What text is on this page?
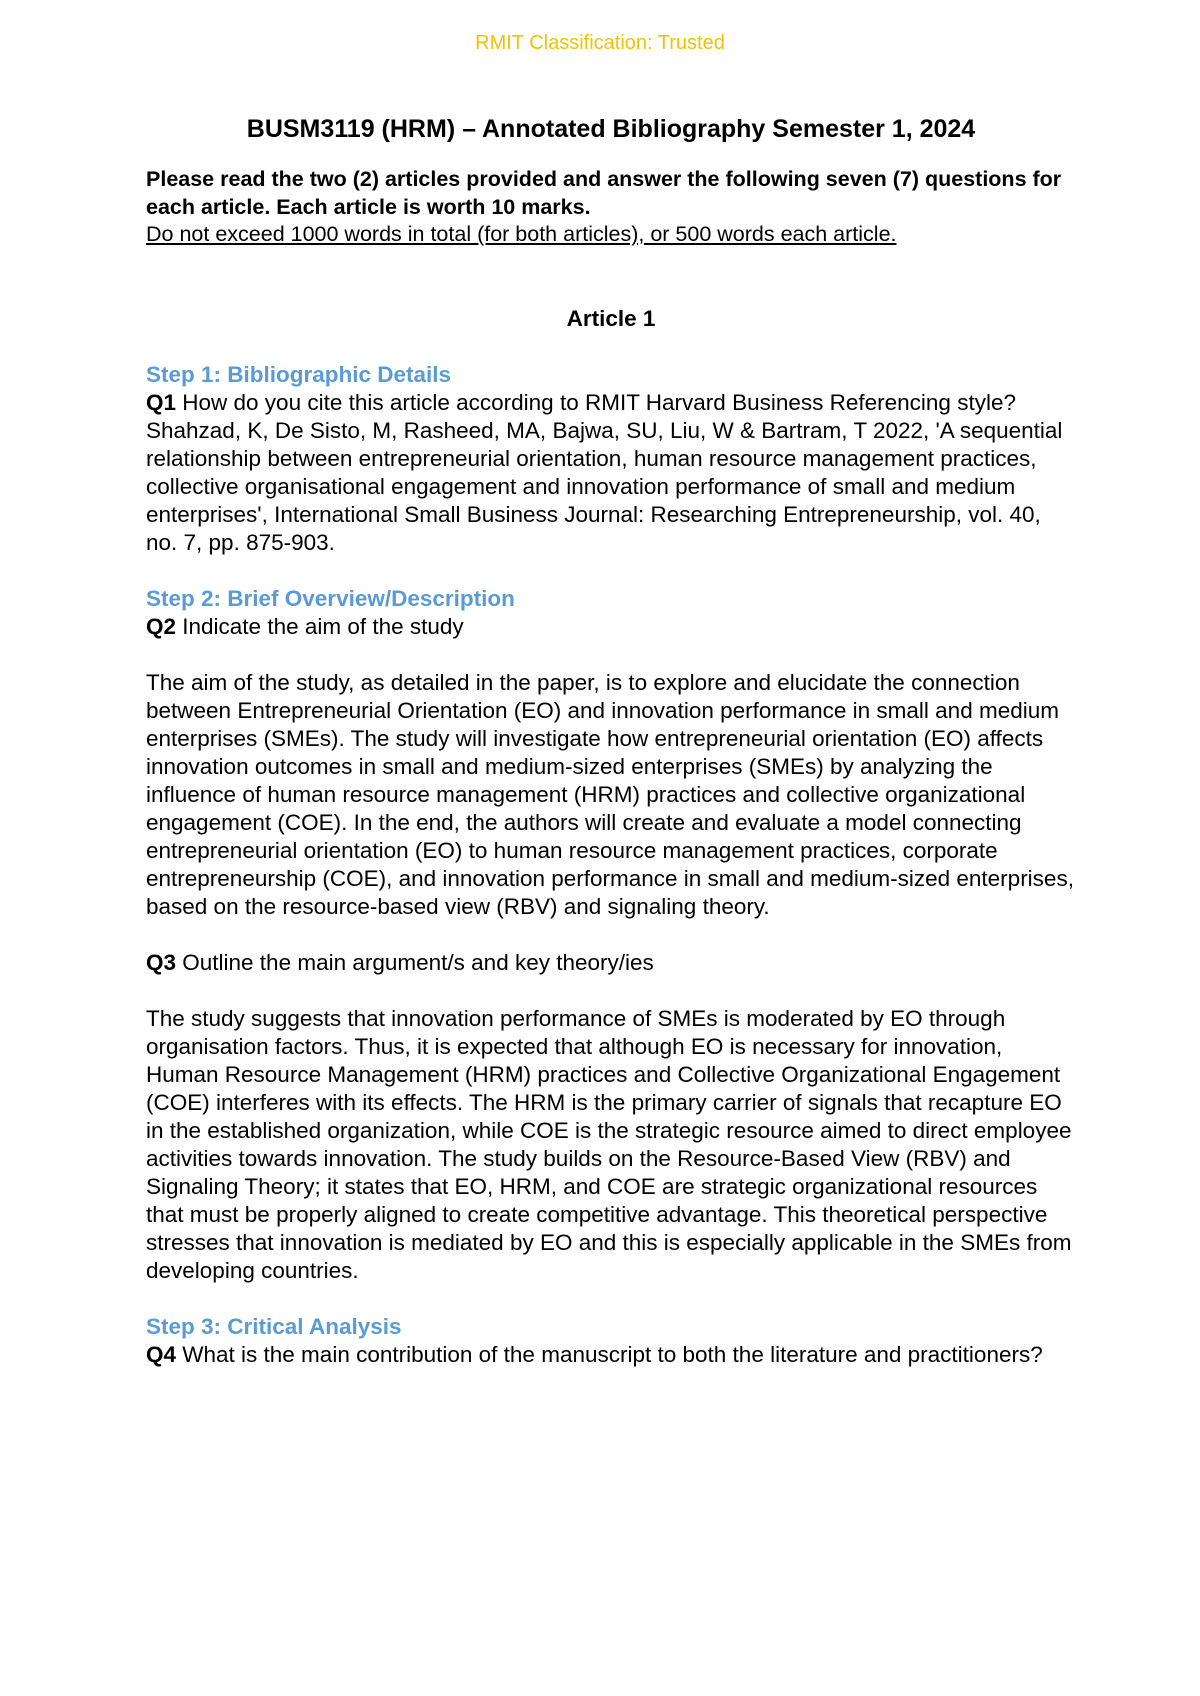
RMIT Classification: Trusted
BUSM3119 (HRM) – Annotated Bibliography Semester 1, 2024

Please read the two (2) articles provided and answer the following seven (7) questions for each article. Each article is worth 10 marks.

Do not exceed 1000 words in total (for both articles), or 500 words each article.

Article 1

Step 1: Bibliographic Details

Q1 How do you cite this article according to RMIT Harvard Business Referencing style?

Shahzad, K, De Sisto, M, Rasheed, MA, Bajwa, SU, Liu, W & Bartram, T 2022, 'A sequential relationship between entrepreneurial orientation, human resource management practices, collective organisational engagement and innovation performance of small and medium enterprises', International Small Business Journal: Researching Entrepreneurship, vol. 40, no. 7, pp. 875-903.

Step 2: Brief Overview/Description

Q2 Indicate the aim of the study

The aim of the study, as detailed in the paper, is to explore and elucidate the connection between Entrepreneurial Orientation (EO) and innovation performance in small and medium enterprises (SMEs). The study will investigate how entrepreneurial orientation (EO) affects innovation outcomes in small and medium-sized enterprises (SMEs) by analyzing the influence of human resource management (HRM) practices and collective organizational engagement (COE). In the end, the authors will create and evaluate a model connecting entrepreneurial orientation (EO) to human resource management practices, corporate entrepreneurship (COE), and innovation performance in small and medium-sized enterprises, based on the resource-based view (RBV) and signaling theory.

Q3 Outline the main argument/s and key theory/ies

The study suggests that innovation performance of SMEs is moderated by EO through organisation factors. Thus, it is expected that although EO is necessary for innovation, Human Resource Management (HRM) practices and Collective Organizational Engagement (COE) interferes with its effects. The HRM is the primary carrier of signals that recapture EO in the established organization, while COE is the strategic resource aimed to direct employee activities towards innovation. The study builds on the Resource-Based View (RBV) and Signaling Theory; it states that EO, HRM, and COE are strategic organizational resources that must be properly aligned to create competitive advantage. This theoretical perspective stresses that innovation is mediated by EO and this is especially applicable in the SMEs from developing countries.

Step 3: Critical Analysis

Q4 What is the main contribution of the manuscript to both the literature and practitioners?
